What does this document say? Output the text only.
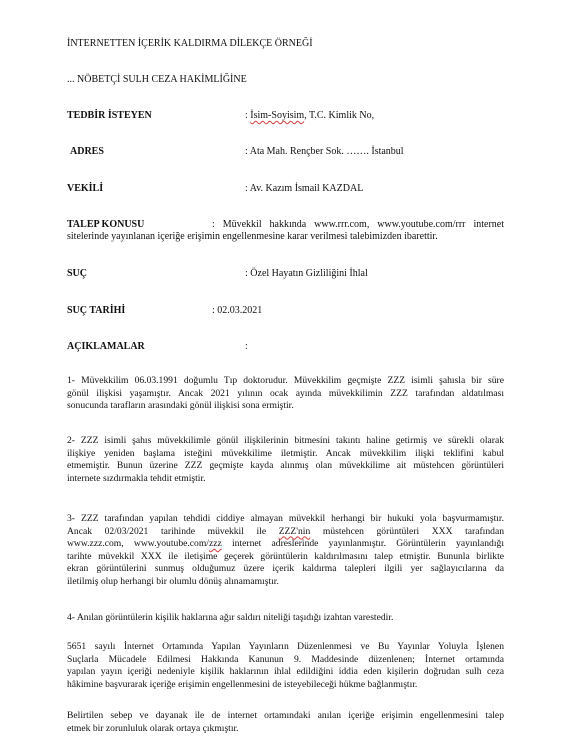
İNTERNETTEN İÇERİK KALDIRMA DİLEKÇE ÖRNEĞİ
... NÖBETÇİ SULH CEZA HAKİMLİĞİNE
TEDBİR İSTEYEN	: İsim-Soyisim, T.C. Kimlik No,
ADRES	: Ata Mah. Rençber Sok. ……. İstanbul
VEKİLİ	: Av. Kazım İsmail KAZDAL
TALEP KONUSU	: Müvekkil hakkında www.rrr.com, www.youtube.com/rrr internet
sitelerinde yayınlanan içeriğe erişimin engellenmesine karar verilmesi talebimizden ibarettir.
SUÇ	: Özel Hayatın Gizliliğini İhlal
SUÇ TARİHİ	: 02.03.2021
AÇIKLAMALAR	:
1- Müvekkilim 06.03.1991 doğumlu Tıp doktorudur. Müvekkilim geçmişte ZZZ isimli şahısla bir süre
gönül ilişkisi yaşamıştır. Ancak 2021 yılının ocak ayında müvekkilimin ZZZ tarafından aldatılması
sonucunda tarafların arasındaki gönül ilişkisi sona ermiştir.
2- ZZZ isimli şahıs müvekkilimle gönül ilişkilerinin bitmesini takıntı haline getirmiş ve sürekli olarak
ilişkiye yeniden başlama isteğini müvekkilime iletmiştir. Ancak müvekkilim ilişki teklifini kabul
etmemiştir. Bunun üzerine ZZZ geçmişte kayda alınmış olan müvekkilime ait müstehcen görüntüleri
internete sızdırmakla tehdit etmiştir.
3- ZZZ tarafından yapılan tehdidi ciddiye almayan müvekkil herhangi bir hukuki yola başvurmamıştır.
Ancak 02/03/2021 tarihinde müvekkil ile ZZZ'nin müstehcen görüntüleri XXX tarafından
www.zzz.com, www.youtube.com/zzz internet adreslerinde yayınlanmıştır. Görüntülerin yayınlandığı
tarihte müvekkil XXX ile iletişime geçerek görüntülerin kaldırılmasını talep etmiştir. Bununla birlikte
ekran görüntülerini sunmuş olduğumuz üzere içerik kaldırma talepleri ilgili yer sağlayıcılarına da
iletilmiş olup herhangi bir olumlu dönüş alınamamıştır.
4- Anılan görüntülerin kişilik haklarına ağır saldırı niteliği taşıdığı izahtan varestedir.
5651 sayılı İnternet Ortamında Yapılan Yayınların Düzenlenmesi ve Bu Yayınlar Yoluyla İşlenen
Suçlarla Mücadele Edilmesi Hakkında Kanunun 9. Maddesinde düzenlenen; İnternet ortamında
yapılan yayın içeriği nedeniyle kişilik haklarının ihlal edildiğini iddia eden kişilerin doğrudan sulh ceza
hâkimine başvurarak içeriğe erişimin engellenmesini de isteyebileceği hükme bağlanmıştır.
Belirtilen sebep ve dayanak ile de internet ortamındaki anılan içeriğe erişimin engellenmesini talep
etmek bir zorunluluk olarak ortaya çıkmıştır.
